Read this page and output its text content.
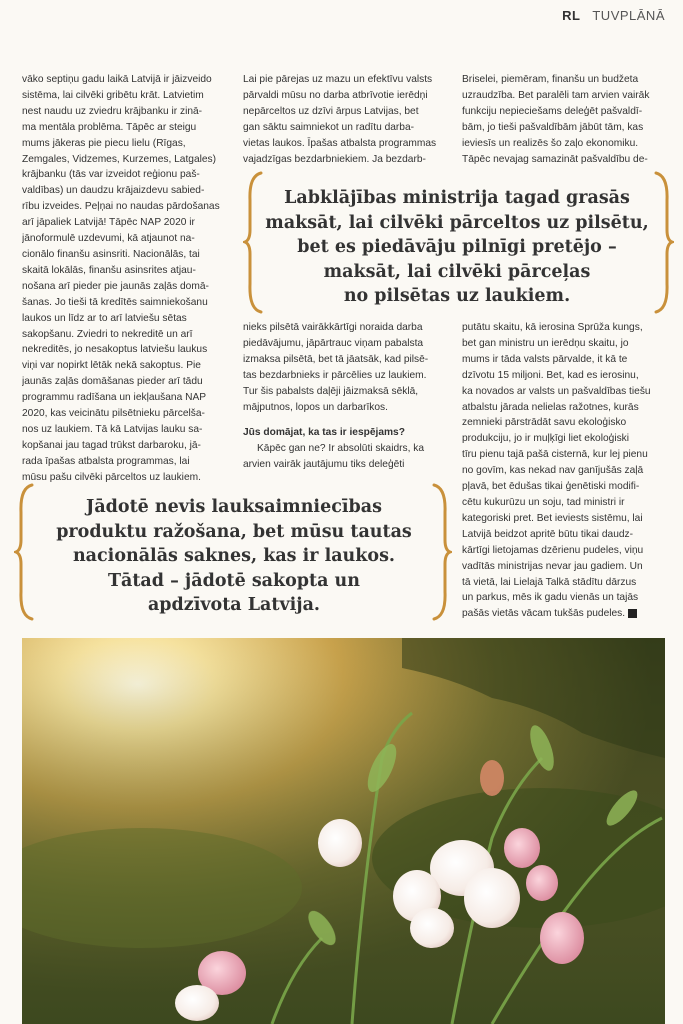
RL TUVPLĀNĀ
vāko septiņu gadu laikā Latvijā ir jāizveido
sistēma, lai cilvēki gribētu krāt. Latvietim
nest naudu uz zviedru krājbanku ir zinā-
ma mentāla problēma. Tāpēc ar steigu
mums jākeras pie piecu lielu (Rīgas,
Zemgales, Vidzemes, Kurzemes, Latgales)
krājbanku (tās var izveidot reģionu paš-
valdības) un daudzu krājaizdevu sabied-
rību izveides. Peļņai no naudas pārdošanas
arī jāpaliek Latvijā! Tāpēc NAP 2020 ir
jānoformulē uzdevumi, kā atjaunot na-
cionālo finanšu asinsriti. Nacionālās, tai
skaitā lokālās, finanšu asinsrites atjau-
nošana arī pieder pie jaunās zaļās domā-
šanas. Jo tieši tā kredītēs saimniekošanu
laukos un līdz ar to arī latviešu sētas
sakopšanu. Zviedri to nekreditē un arī
nekreditēs, jo nesakoptus latviešu laukus
viņi var nopirkt lētāk nekā sakoptus. Pie
jaunās zaļās domāšanas pieder arī tādu
programmu radīšana un iekļaušana NAP
2020, kas veicinātu pilsētnieku pārcelša-
nos uz laukiem. Tā kā Latvijas lauku sa-
kopšanai jau tagad trūkst darbaroku, jā-
rada īpašas atbalsta programmas, lai
mūsu pašu cilvēki pārceltos uz laukiem.
Lai pie pārejas uz mazu un efektīvu valsts
pārvaldi mūsu no darba atbrīvotie ierēdņi
nepārceltos uz dzīvi ārpus Latvijas, bet
gan sāktu saimniekot un radītu darba-
vietas laukos. Īpašas atbalsta programmas
vajadzīgas bezdarbniekiem. Ja bezdarb-
Briselei, piemēram, finanšu un budžeta
uzraudzība. Bet paralēli tam arvien vairāk
funkciju nepieciešams deleģēt pašvaldī-
bām, jo tieši pašvaldībām jābūt tām, kas
ieviesīs un realizēs šo zaļo ekonomiku.
Tāpēc nevajag samazināt pašvaldību de-
Labklājības ministrija tagad grasās
maksāt, lai cilvēki pārceltos uz pilsētu,
bet es piedāvāju pilnīgi pretējo –
maksāt, lai cilvēki pārceļas
no pilsētas uz laukiem.
nieks pilsētā vairākkārtīgi noraida darba
piedāvājumu, jāpārtrauc viņam pabalsta
izmaksa pilsētā, bet tā jāatsāk, kad pilsē-
tas bezdarbnieks ir pārcēlies uz laukiem.
Tur šis pabalsts daļēji jāizmaksā sēklā,
mājputnos, lopos un darbarīkos.
Jūs domājat, ka tas ir iespējams?
Kāpēc gan ne? Ir absolūti skaidrs, ka
arvien vairāk jautājumu tiks deleģēti
putātu skaitu, kā ierosina Sprūža kungs,
bet gan ministru un ierēdņu skaitu, jo
mums ir tāda valsts pārvalde, it kā te
dzīvotu 15 miljoni. Bet, kad es ierosinu,
ka novados ar valsts un pašvaldības tiešu
atbalstu jārada nelielas ražotnes, kurās
zemnieki pārstrādāt savu ekoloģisko
produkciju, jo ir muļķīgi liet ekoloģiski
tīru pienu tajā pašā cisternā, kur lej pienu
no govīm, kas nekad nav ganījušās zaļā
pļavā, bet ēdušas tikai ģenētiski modifi-
cētu kukurūzu un soju, tad ministri ir
kategoriski pret. Bet ieviests sistēmu, lai
Latvijā beidzot apritē būtu tikai daudz-
kārtīgi lietojamas dzērienu pudeles, viņu
vadītās ministrijas nevar jau gadiem. Un
tā vietā, lai Lielajā Talkā stādītu dārzus
un parkus, mēs ik gadu vienās un tajās
pašās vietās vācam tukšās pudeles.
Jādotē nevis lauksaimniecības
produktu ražošana, bet mūsu tautas
nacionālās saknes, kas ir laukos.
Tātad – jādotē sakopta un
apdzīvota Latvija.
